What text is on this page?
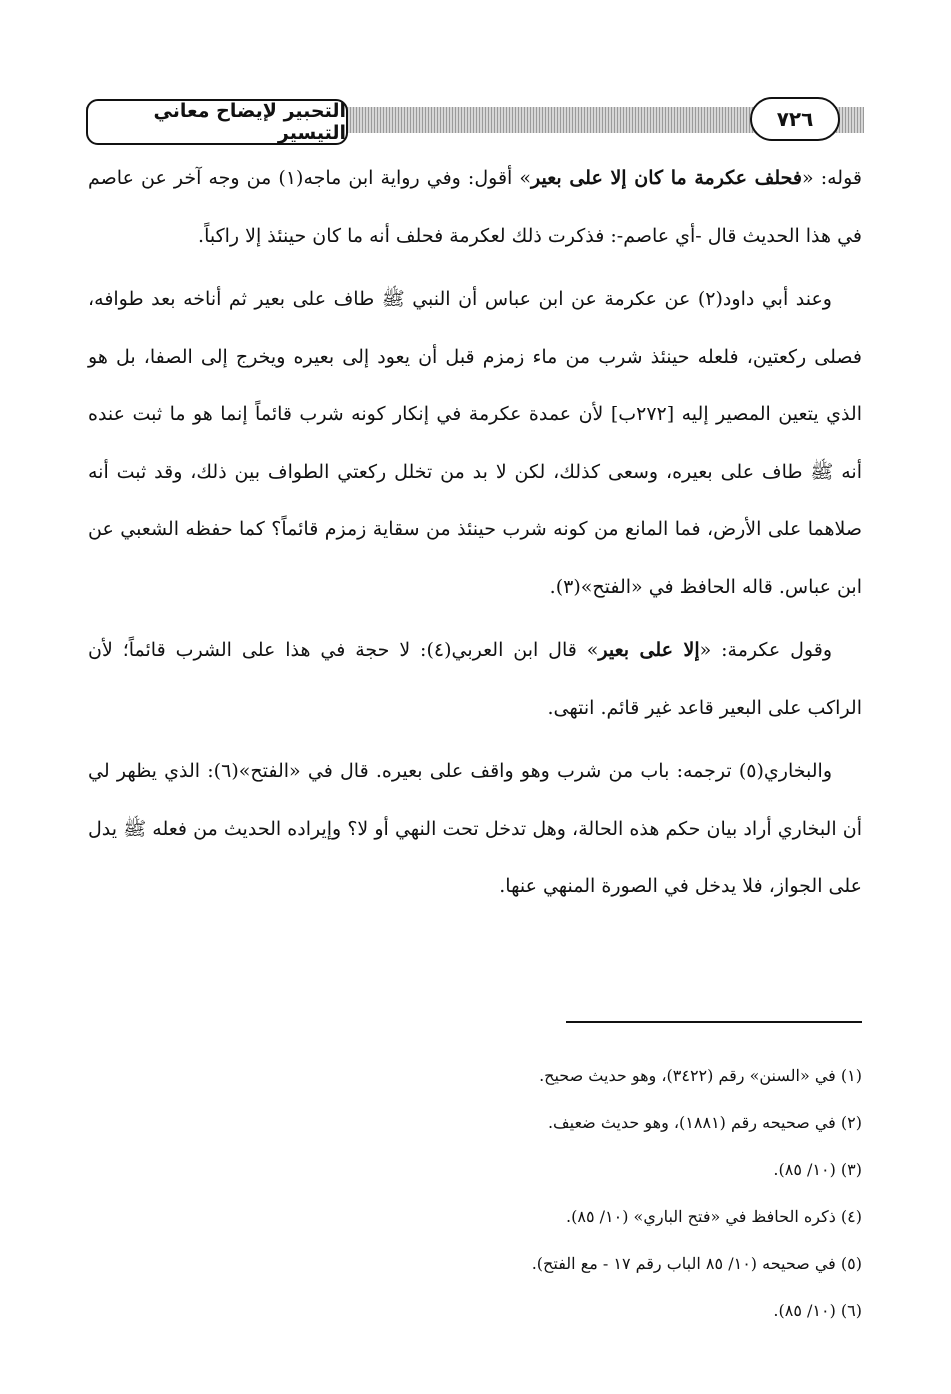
التحبير لإيضاح معاني التيسير
٧٢٦

قوله: «فحلف عكرمة ما كان إلا على بعير» أقول: وفي رواية ابن ماجه(١) من وجه آخر عن عاصم في هذا الحديث قال -أي عاصم-: فذكرت ذلك لعكرمة فحلف أنه ما كان حينئذ إلا راكباً.

وعند أبي داود(٢) عن عكرمة عن ابن عباس أن النبي ﷺ طاف على بعير ثم أناخه بعد طوافه، فصلى ركعتين، فلعله حينئذ شرب من ماء زمزم قبل أن يعود إلى بعيره ويخرج إلى الصفا، بل هو الذي يتعين المصير إليه [٢٧٢ب] لأن عمدة عكرمة في إنكار كونه شرب قائماً إنما هو ما ثبت عنده أنه ﷺ طاف على بعيره، وسعى كذلك، لكن لا بد من تخلل ركعتي الطواف بين ذلك، وقد ثبت أنه صلاهما على الأرض، فما المانع من كونه شرب حينئذ من سقاية زمزم قائماً؟ كما حفظه الشعبي عن ابن عباس. قاله الحافظ في «الفتح»(٣).

وقول عكرمة: «إلا على بعير» قال ابن العربي(٤): لا حجة في هذا على الشرب قائماً؛ لأن الراكب على البعير قاعد غير قائم. انتهى.

والبخاري(٥) ترجمه: باب من شرب وهو واقف على بعيره. قال في «الفتح»(٦): الذي يظهر لي أن البخاري أراد بيان حكم هذه الحالة، وهل تدخل تحت النهي أو لا؟ وإيراده الحديث من فعله ﷺ يدل على الجواز، فلا يدخل في الصورة المنهي عنها.

(١) في «السنن» رقم (٣٤٢٢)، وهو حديث صحيح.
(٢) في صحيحه رقم (١٨٨١)، وهو حديث ضعيف.
(٣) (١٠/ ٨٥).
(٤) ذكره الحافظ في «فتح الباري» (١٠/ ٨٥).
(٥) في صحيحه (١٠/ ٨٥ الباب رقم ١٧ - مع الفتح).
(٦) (١٠/ ٨٥).
